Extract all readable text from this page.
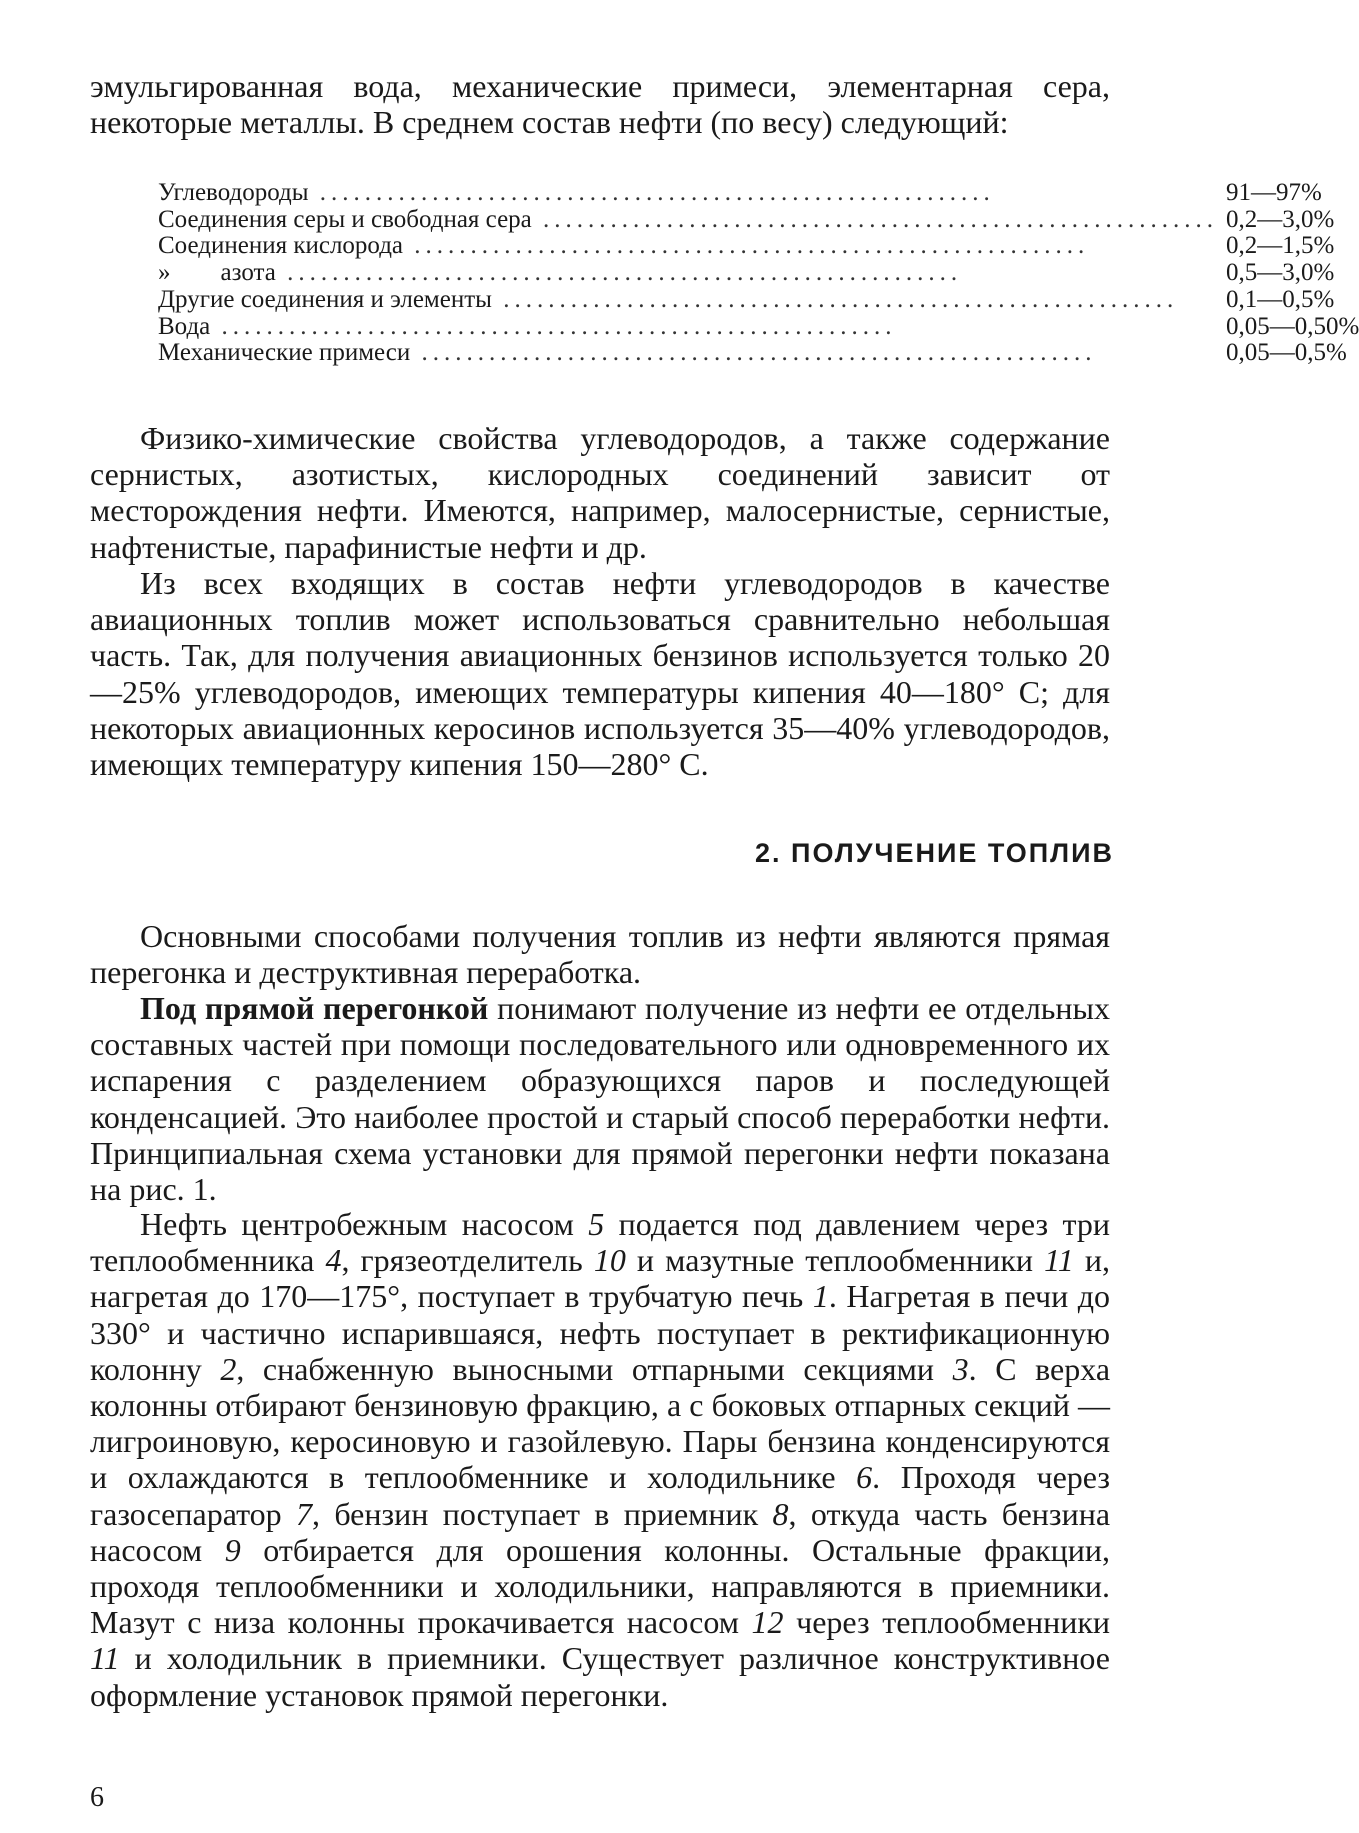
эмульгированная вода, механические примеси, элементарная сера, некоторые металлы. В среднем состав нефти (по весу) следующий:

Углеводороды ............................................................	91—97%
Соединения серы и свободная сера ............................................................	0,2—3,0%
Соединения кислорода ............................................................	0,2—1,5%
»        азота ............................................................	0,5—3,0%
Другие соединения и элементы ............................................................	0,1—0,5%
Вода ............................................................	0,05—0,50%
Механические примеси ............................................................	0,05—0,5%

Физико-химические свойства углеводородов, а также содержание сернистых, азотистых, кислородных соединений зависит от месторождения нефти. Имеются, например, малосернистые, сернистые, нафтенистые, парафинистые нефти и др.

Из всех входящих в состав нефти углеводородов в качестве авиационных топлив может использоваться сравнительно небольшая часть. Так, для получения авиационных бензинов используется только 20—25% углеводородов, имеющих температуры кипения 40—180° С; для некоторых авиационных керосинов используется 35—40% углеводородов, имеющих температуру кипения 150—280° С.

2. ПОЛУЧЕНИЕ ТОПЛИВ

Основными способами получения топлив из нефти являются прямая перегонка и деструктивная переработка.

Под прямой перегонкой понимают получение из нефти ее отдельных составных частей при помощи последовательного или одновременного их испарения с разделением образующихся паров и последующей конденсацией. Это наиболее простой и старый способ переработки нефти. Принципиальная схема установки для прямой перегонки нефти показана на рис. 1.

Нефть центробежным насосом 5 подается под давлением через три теплообменника 4, грязеотделитель 10 и мазутные теплообменники 11 и, нагретая до 170—175°, поступает в трубчатую печь 1. Нагретая в печи до 330° и частично испарившаяся, нефть поступает в ректификационную колонну 2, снабженную выносными отпарными секциями 3. С верха колонны отбирают бензиновую фракцию, а с боковых отпарных секций — лигроиновую, керосиновую и газойлевую. Пары бензина конденсируются и охлаждаются в теплообменнике и холодильнике 6. Проходя через газосепаратор 7, бензин поступает в приемник 8, откуда часть бензина насосом 9 отбирается для орошения колонны. Остальные фракции, проходя теплообменники и холодильники, направляются в приемники. Мазут с низа колонны прокачивается насосом 12 через теплообменники 11 и холодильник в приемники. Существует различное конструктивное оформление установок прямой перегонки.

6
